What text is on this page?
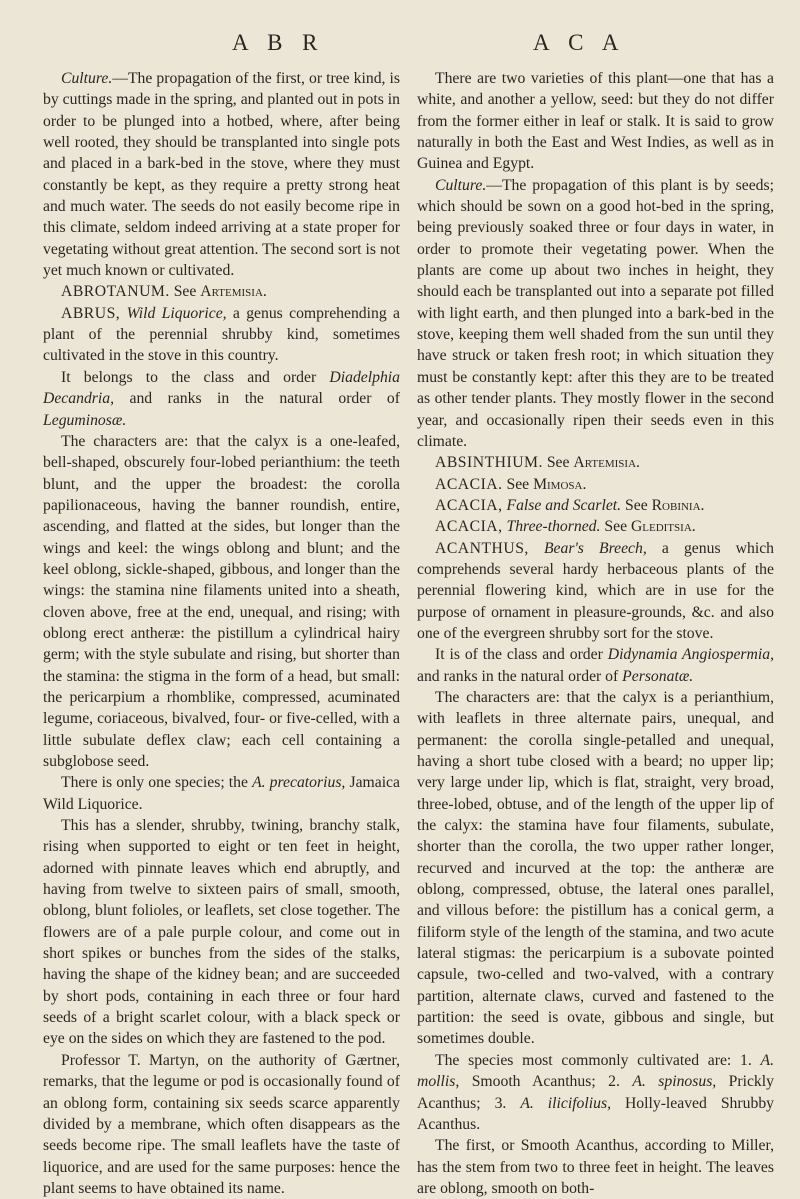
A B R	A C A

Culture.—The propagation of the first, or tree kind, is by cuttings made in the spring, and planted out in pots in order to be plunged into a hotbed, where, after being well rooted, they should be transplanted into single pots and placed in a bark-bed in the stove, where they must constantly be kept, as they require a pretty strong heat and much water. The seeds do not easily become ripe in this climate, seldom indeed arriving at a state proper for vegetating without great attention. The second sort is not yet much known or cultivated.

ABROTANUM. See Artemisia.

ABRUS, Wild Liquorice, a genus comprehending a plant of the perennial shrubby kind, sometimes cultivated in the stove in this country.

It belongs to the class and order Diadelphia Decandria, and ranks in the natural order of Leguminosæ.

The characters are: that the calyx is a one-leafed, bell-shaped, obscurely four-lobed perianthium: the teeth blunt, and the upper the broadest: the corolla papilionaceous, having the banner roundish, entire, ascending, and flatted at the sides, but longer than the wings and keel: the wings oblong and blunt; and the keel oblong, sickle-shaped, gibbous, and longer than the wings: the stamina nine filaments united into a sheath, cloven above, free at the end, unequal, and rising; with oblong erect antheræ: the pistillum a cylindrical hairy germ; with the style subulate and rising, but shorter than the stamina: the stigma in the form of a head, but small: the pericarpium a rhomblike, compressed, acuminated legume, coriaceous, bivalved, four- or five-celled, with a little subulate deflex claw; each cell containing a subglobose seed.

There is only one species; the A. precatorius, Jamaica Wild Liquorice.

This has a slender, shrubby, twining, branchy stalk, rising when supported to eight or ten feet in height, adorned with pinnate leaves which end abruptly, and having from twelve to sixteen pairs of small, smooth, oblong, blunt folioles, or leaflets, set close together. The flowers are of a pale purple colour, and come out in short spikes or bunches from the sides of the stalks, having the shape of the kidney bean; and are succeeded by short pods, containing in each three or four hard seeds of a bright scarlet colour, with a black speck or eye on the sides on which they are fastened to the pod.

Professor T. Martyn, on the authority of Gærtner, remarks, that the legume or pod is occasionally found of an oblong form, containing six seeds scarce apparently divided by a membrane, which often disappears as the seeds become ripe. The small leaflets have the taste of liquorice, and are used for the same purposes: hence the plant seems to have obtained its name.

There are two varieties of this plant—one that has a white, and another a yellow, seed: but they do not differ from the former either in leaf or stalk. It is said to grow naturally in both the East and West Indies, as well as in Guinea and Egypt.

Culture.—The propagation of this plant is by seeds; which should be sown on a good hot-bed in the spring, being previously soaked three or four days in water, in order to promote their vegetating power. When the plants are come up about two inches in height, they should each be transplanted out into a separate pot filled with light earth, and then plunged into a bark-bed in the stove, keeping them well shaded from the sun until they have struck or taken fresh root; in which situation they must be constantly kept: after this they are to be treated as other tender plants. They mostly flower in the second year, and occasionally ripen their seeds even in this climate.

ABSINTHIUM. See Artemisia.

ACACIA. See Mimosa.

ACACIA, False and Scarlet. See Robinia.

ACACIA, Three-thorned. See Gleditsia.

ACANTHUS, Bear's Breech, a genus which comprehends several hardy herbaceous plants of the perennial flowering kind, which are in use for the purpose of ornament in pleasure-grounds, &c. and also one of the evergreen shrubby sort for the stove.

It is of the class and order Didynamia Angiospermia, and ranks in the natural order of Personatæ.

The characters are: that the calyx is a perianthium, with leaflets in three alternate pairs, unequal, and permanent: the corolla single-petalled and unequal, having a short tube closed with a beard; no upper lip; very large under lip, which is flat, straight, very broad, three-lobed, obtuse, and of the length of the upper lip of the calyx: the stamina have four filaments, subulate, shorter than the corolla, the two upper rather longer, recurved and incurved at the top: the antheræ are oblong, compressed, obtuse, the lateral ones parallel, and villous before: the pistillum has a conical germ, a filiform style of the length of the stamina, and two acute lateral stigmas: the pericarpium is a subovate pointed capsule, two-celled and two-valved, with a contrary partition, alternate claws, curved and fastened to the partition: the seed is ovate, gibbous and single, but sometimes double.

The species most commonly cultivated are: 1. A. mollis, Smooth Acanthus; 2. A. spinosus, Prickly Acanthus; 3. A. ilicifolius, Holly-leaved Shrubby Acanthus.

The first, or Smooth Acanthus, according to Miller, has the stem from two to three feet in height. The leaves are oblong, smooth on both-
